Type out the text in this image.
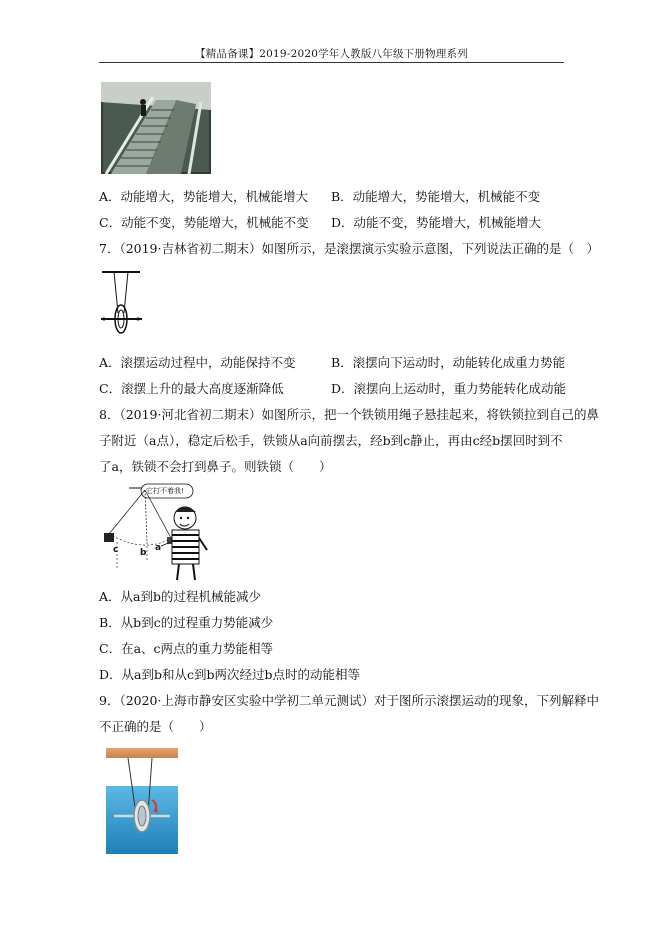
【精品备课】2019-2020学年人教版八年级下册物理系列
A．动能增大，势能增大，机械能增大 B．动能增大，势能增大，机械能不变
C．动能不变，势能增大，机械能不变 D．动能不变，势能增大，机械能增大
7．（2019·吉林省初二期末）如图所示，是滚摆演示实验示意图，下列说法正确的是（　）
A．滚摆运动过程中，动能保持不变	B．滚摆向下运动时，动能转化成重力势能
C．滚摆上升的最大高度逐渐降低	D．滚摆向上运动时，重力势能转化成动能
8．（2019·河北省初二期末）如图所示，把一个铁锁用绳子悬挂起来，将铁锁拉到自己的鼻
子附近（a点），稳定后松手，铁锁从a向前摆去，经b到c静止，再由c经b摆回时到不
了a，铁锁不会打到鼻子。则铁锁（　　）
它打不着我!
c b a
A．从a到b的过程机械能减少
B．从b到c的过程重力势能减少
C．在a、c两点的重力势能相等
D．从a到b和从c到b两次经过b点时的动能相等
9．（2020·上海市静安区实验中学初二单元测试）对于图所示滚摆运动的现象，下列解释中
不正确的是（　　）
